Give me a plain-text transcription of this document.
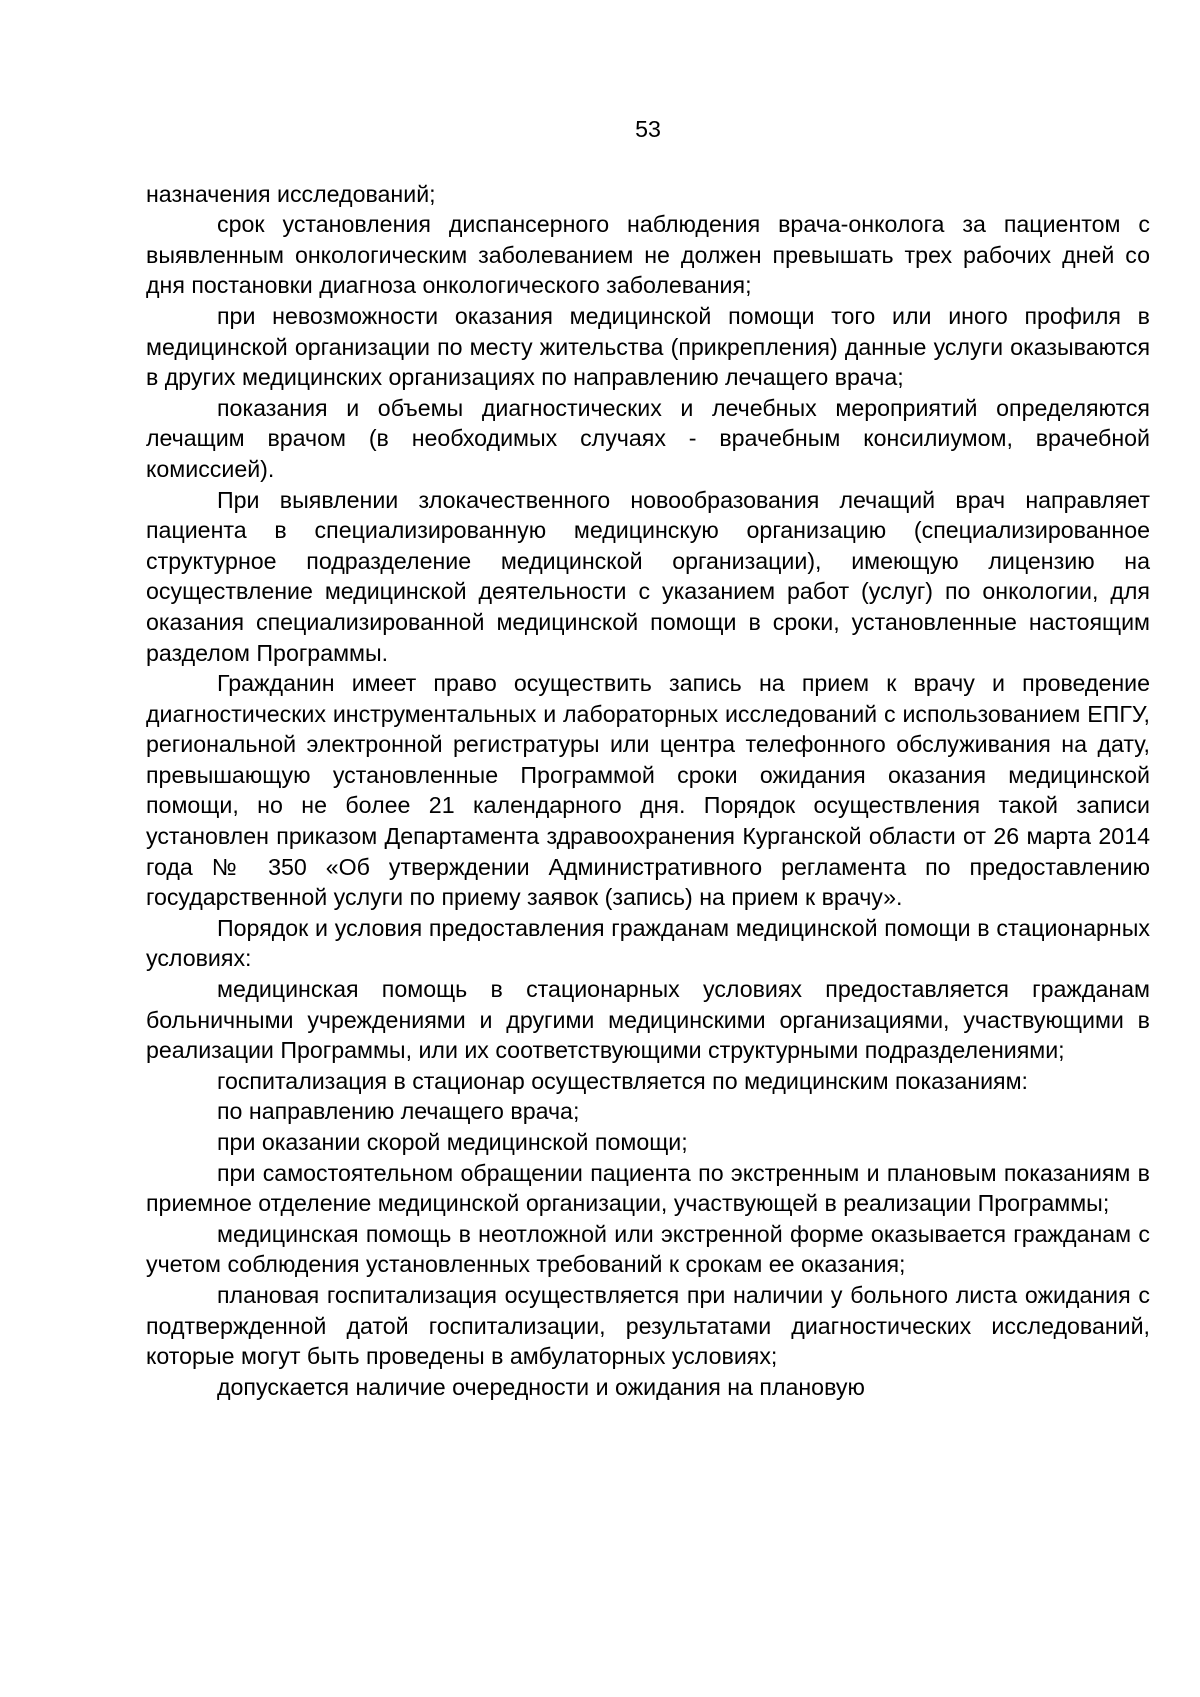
53

назначения исследований;

срок установления диспансерного наблюдения врача-онколога за пациентом с выявленным онкологическим заболеванием не должен превышать трех рабочих дней со дня постановки диагноза онкологического заболевания;

при невозможности оказания медицинской помощи того или иного профиля в медицинской организации по месту жительства (прикрепления) данные услуги оказываются в других медицинских организациях по направлению лечащего врача;

показания и объемы диагностических и лечебных мероприятий определяются лечащим врачом (в необходимых случаях - врачебным консилиумом, врачебной комиссией).

При выявлении злокачественного новообразования лечащий врач направляет пациента в специализированную медицинскую организацию (специализированное структурное подразделение медицинской организации), имеющую лицензию на осуществление медицинской деятельности с указанием работ (услуг) по онкологии, для оказания специализированной медицинской помощи в сроки, установленные настоящим разделом Программы.

Гражданин имеет право осуществить запись на прием к врачу и проведение диагностических инструментальных и лабораторных исследований с использованием ЕПГУ, региональной электронной регистратуры или центра телефонного обслуживания на дату, превышающую установленные Программой сроки ожидания оказания медицинской помощи, но не более 21 календарного дня. Порядок осуществления такой записи установлен приказом Департамента здравоохранения Курганской области от 26 марта 2014 года № 350 «Об утверждении Административного регламента по предоставлению государственной услуги по приему заявок (запись) на прием к врачу».

Порядок и условия предоставления гражданам медицинской помощи в стационарных условиях:

медицинская помощь в стационарных условиях предоставляется гражданам больничными учреждениями и другими медицинскими организациями, участвующими в реализации Программы, или их соответствующими структурными подразделениями;

госпитализация в стационар осуществляется по медицинским показаниям:

по направлению лечащего врача;

при оказании скорой медицинской помощи;

при самостоятельном обращении пациента по экстренным и плановым показаниям в приемное отделение медицинской организации, участвующей в реализации Программы;

медицинская помощь в неотложной или экстренной форме оказывается гражданам с учетом соблюдения установленных требований к срокам ее оказания;

плановая госпитализация осуществляется при наличии у больного листа ожидания с подтвержденной датой госпитализации, результатами диагностических исследований, которые могут быть проведены в амбулаторных условиях;

допускается наличие очередности и ожидания на плановую
